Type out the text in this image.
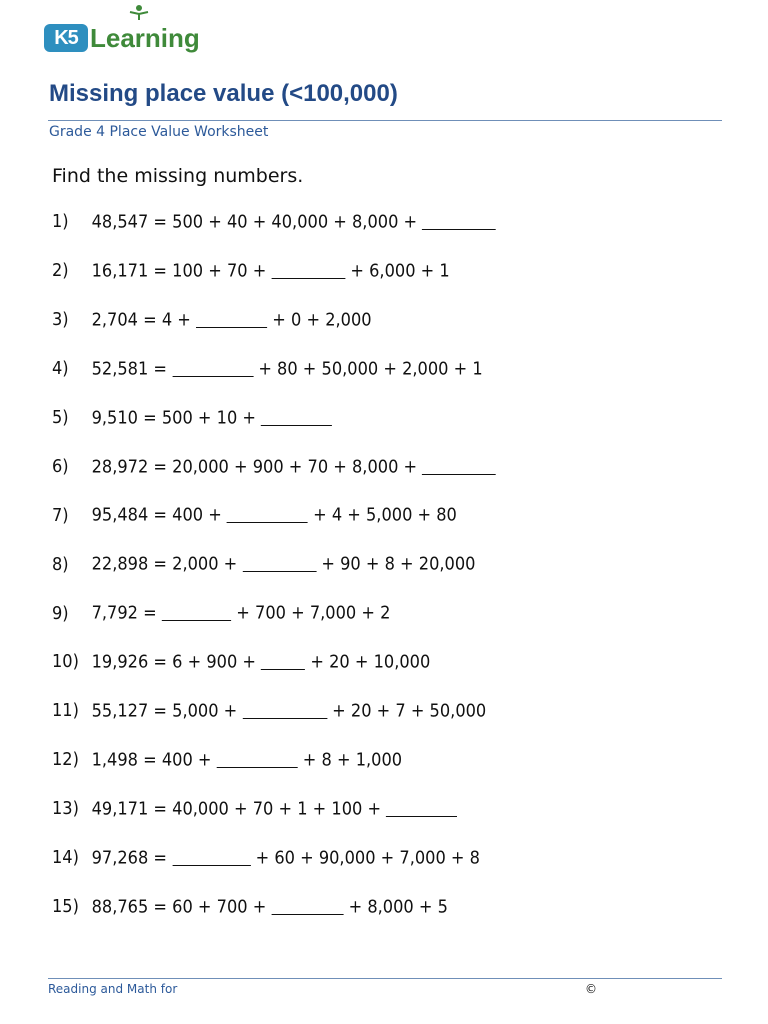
K5 Learning
Missing place value (<100,000)
Grade 4 Place Value Worksheet
Find the missing numbers.
1) 48,547 = 500 + 40 + 40,000 + 8,000 +
2) 16,171 = 100 + 70 +	+ 6,000 + 1
3) 2,704 = 4 +	+ 0 + 2,000
4) 52,581 =	+ 80 + 50,000 + 2,000 + 1
5) 9,510 = 500 + 10 +
6) 28,972 = 20,000 + 900 + 70 + 8,000 +
7) 95,484 = 400 +	+ 4 + 5,000 + 80
8) 22,898 = 2,000 +	+ 90 + 8 + 20,000
9) 7,792 =	+ 700 + 7,000 + 2
10) 19,926 = 6 + 900 +  + 20 + 10,000
11) 55,127 = 5,000 +	+ 20 + 7 + 50,000
12) 1,498 = 400 +	+ 8 + 1,000
13) 49,171 = 40,000 + 70 + 1 + 100 +
14) 97,268 =	+ 60 + 90,000 + 7,000 + 8
15) 88,765 = 60 + 700 +	+ 8,000 + 5
Reading and Math for	©
